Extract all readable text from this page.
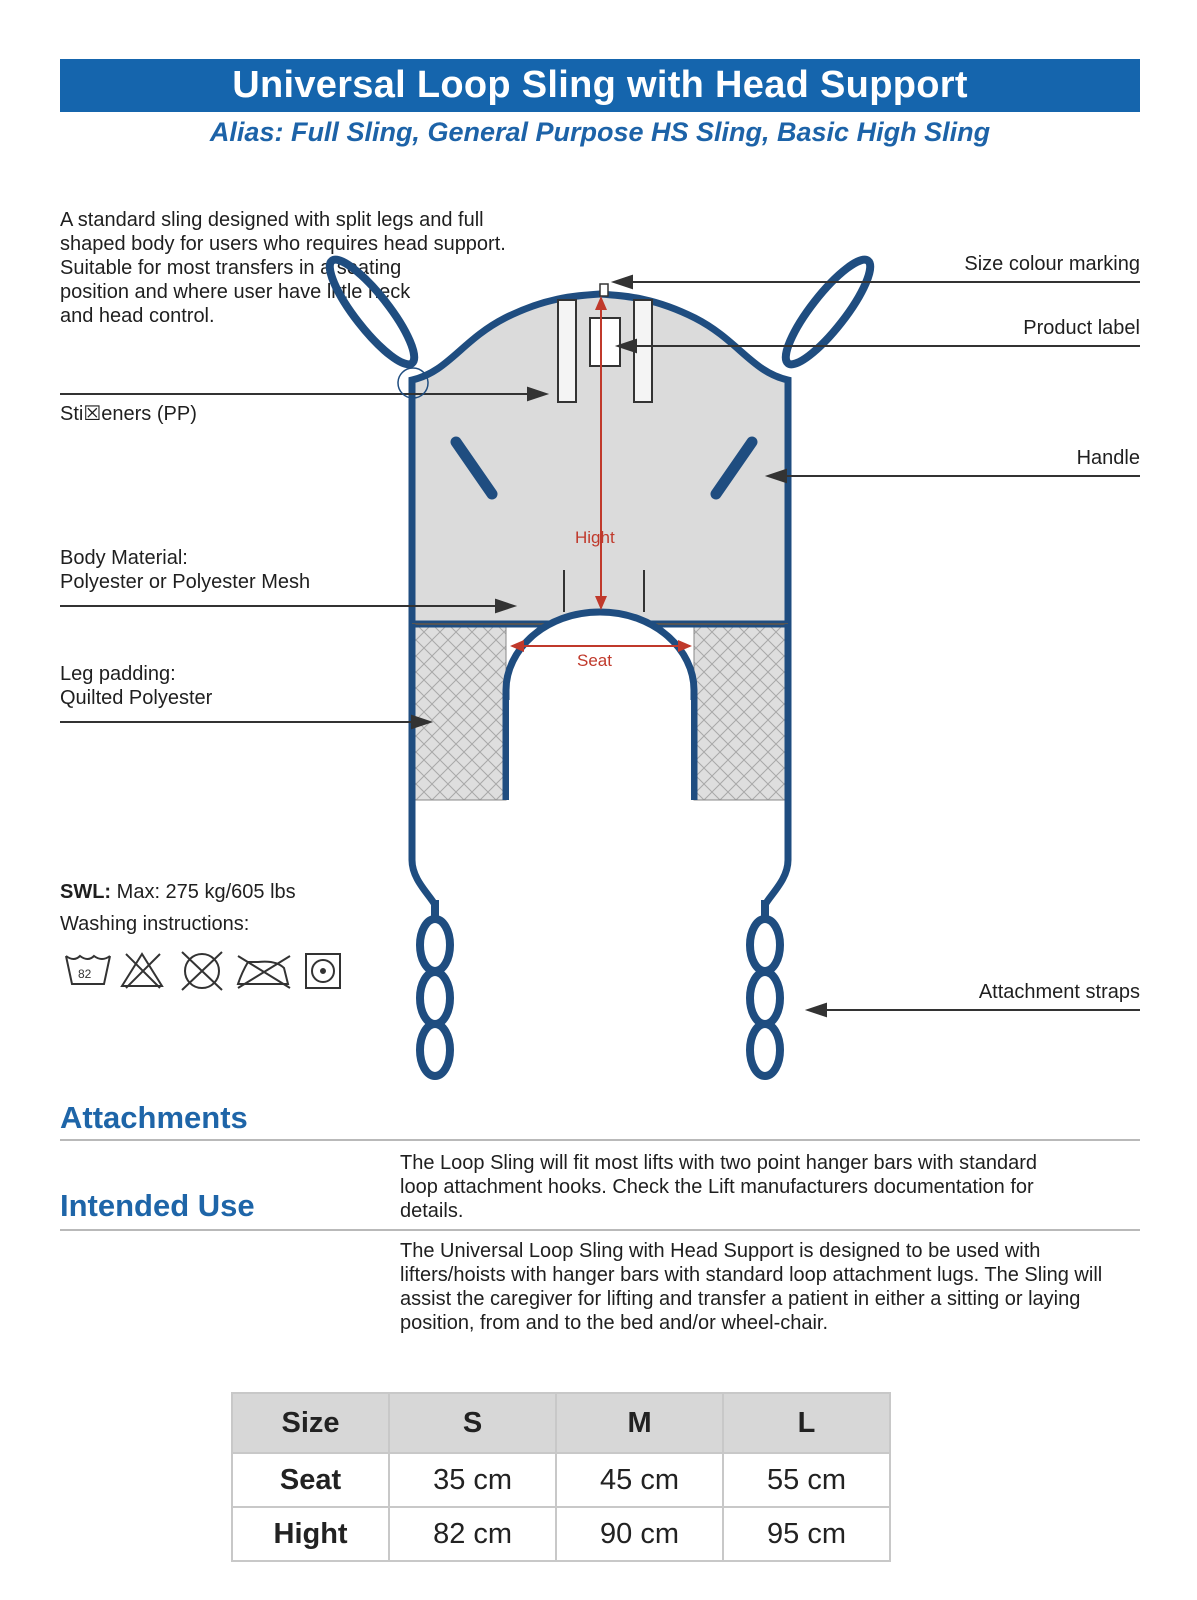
Universal Loop Sling with Head Support
Alias: Full Sling, General Purpose HS Sling, Basic High Sling
A standard sling designed with split legs and full
shaped body for users who requires head support.
Suitable for most transfers in a seating
position and where user have little neck
and head control.
Size colour marking
Product label
Sti☒eners (PP)
Handle
Body Material:
Polyester or Polyester Mesh
Leg padding:
Quilted Polyester
Attachment straps
Hight
Seat
SWL: Max: 275 kg/605 lbs
Washing instructions:
82
Attachments
The Loop Sling will fit most lifts with two point hanger bars with standard loop attachment hooks. Check the Lift manufacturers documentation for details.
Intended Use
The Universal Loop Sling with Head Support is designed to be used with lifters/hoists with hanger bars with standard loop attachment lugs. The Sling will assist the caregiver for lifting and transfer a patient in either a sitting or laying position, from and to the bed and/or wheel-chair.
Size	S	M	L
Seat	35 cm	45 cm	55 cm
Hight	82 cm	90 cm	95 cm
